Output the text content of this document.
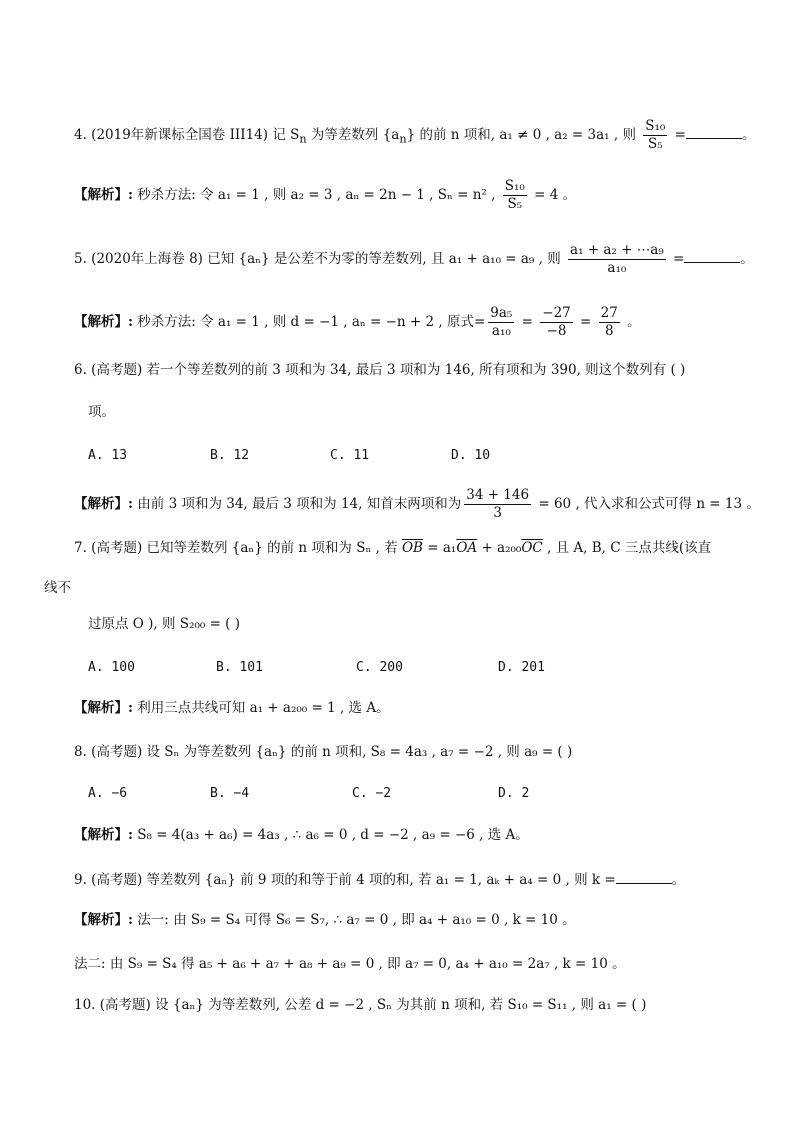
4. (2019年新课标全国卷 III14) 记 $S_n$ 为等差数列 $\{a_n\}$ 的前 n 项和, a₁ ≠ 0 , a₂ = 3a₁ , 则 $\frac{\text{S₁₀}}{\text{S₅}}$ =	。
【解析】: 秒杀方法: 令 a₁ = 1 , 则 a₂ = 3 , aₙ = 2n − 1 , Sₙ = n² , $\frac{\text{S₁₀}}{\text{S₅}} = 4$ 。
5. (2020年上海卷 8) 已知 {aₙ} 是公差不为零的等差数列, 且 a₁ + a₁₀ = a₉ , 则 $\frac{\text{a₁ + a₂ + ⋯a₉}}{\text{a₁₀}}$ =	。
【解析】: 秒杀方法: 令 a₁ = 1 , 则 d = −1 , aₙ = −n + 2 , 原式= $\frac{\text{9a₅}}{\text{a₁₀}} = \frac{-27}{-8} = \frac{27}{8}$ 。
6. (高考题) 若一个等差数列的前 3 项和为 34, 最后 3 项和为 146, 所有项和为 390, 则这个数列有 ( )
项。
A. 13	B. 12	C. 11	D. 10
【解析】: 由前 3 项和为 34, 最后 3 项和为 14, 知首末两项和为 $\frac{34 + 146}{3} = 60$ , 代入求和公式可得 n = 13 。
7. (高考题) 已知等差数列 {aₙ} 的前 n 项和为 Sₙ , 若 $\overline{OB} = a_1\overline{OA} + a_{200}\overline{OC}$ , 且 A, B, C 三点共线(该直
线不
过原点 O ), 则 S₂₀₀ = ( )
A. 100	B. 101	C. 200	D. 201
【解析】: 利用三点共线可知 a₁ + a₂₀₀ = 1 , 选 A。
8. (高考题) 设 Sₙ 为等差数列 {aₙ} 的前 n 项和, S₈ = 4a₃ , a₇ = −2 , 则 a₉ = ( )
A. −6	B. −4	C. −2	D. 2
【解析】: S₈ = 4(a₃ + a₆) = 4a₃ , ∴ a₆ = 0 , d = −2 , a₉ = −6 , 选 A。
9. (高考题) 等差数列 {aₙ} 前 9 项的和等于前 4 项的和, 若 a₁ = 1, aₖ + a₄ = 0 , 则 k =	。
【解析】: 法一: 由 S₉ = S₄ 可得 S₆ = S₇, ∴ a₇ = 0 , 即 a₄ + a₁₀ = 0 , k = 10 。
法二: 由 S₉ = S₄ 得 a₅ + a₆ + a₇ + a₈ + a₉ = 0 , 即 a₇ = 0, a₄ + a₁₀ = 2a₇ , k = 10 。
10. (高考题) 设 {aₙ} 为等差数列, 公差 d = −2 , Sₙ 为其前 n 项和, 若 S₁₀ = S₁₁ , 则 a₁ = ( )
